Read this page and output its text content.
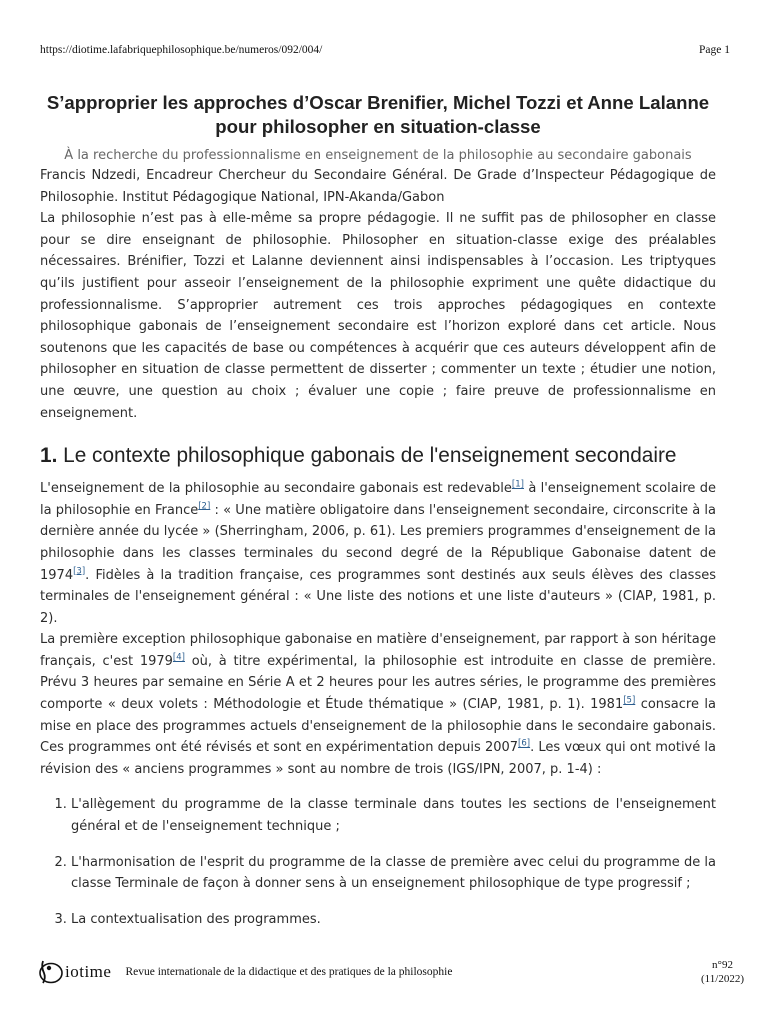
https://diotime.lafabriquephilosophique.be/numeros/092/004/	Page 1
S’approprier les approches d’Oscar Brenifier, Michel Tozzi et Anne Lalanne pour philosopher en situation-classe

À la recherche du professionnalisme en enseignement de la philosophie au secondaire gabonais

Francis Ndzedi, Encadreur Chercheur du Secondaire Général. De Grade d’Inspecteur Pédagogique de Philosophie. Institut Pédagogique National, IPN-Akanda/Gabon

La philosophie n’est pas à elle-même sa propre pédagogie. Il ne suffit pas de philosopher en classe pour se dire enseignant de philosophie. Philosopher en situation-classe exige des préalables nécessaires. Brénifier, Tozzi et Lalanne deviennent ainsi indispensables à l’occasion. Les triptyques qu’ils justifient pour asseoir l’enseignement de la philosophie expriment une quête didactique du professionnalisme. S’approprier autrement ces trois approches pédagogiques en contexte philosophique gabonais de l’enseignement secondaire est l’horizon exploré dans cet article. Nous soutenons que les capacités de base ou compétences à acquérir que ces auteurs développent afin de philosopher en situation de classe permettent de disserter ; commenter un texte ; étudier une notion, une œuvre, une question au choix ; évaluer une copie ; faire preuve de professionnalisme en enseignement.

1. Le contexte philosophique gabonais de l'enseignement secondaire

L'enseignement de la philosophie au secondaire gabonais est redevable[1] à l'enseignement scolaire de la philosophie en France[2] : « Une matière obligatoire dans l'enseignement secondaire, circonscrite à la dernière année du lycée » (Sherringham, 2006, p. 61). Les premiers programmes d'enseignement de la philosophie dans les classes terminales du second degré de la République Gabonaise datent de 1974[3]. Fidèles à la tradition française, ces programmes sont destinés aux seuls élèves des classes terminales de l'enseignement général : « Une liste des notions et une liste d'auteurs » (CIAP, 1981, p. 2).

La première exception philosophique gabonaise en matière d'enseignement, par rapport à son héritage français, c'est 1979[4] où, à titre expérimental, la philosophie est introduite en classe de première. Prévu 3 heures par semaine en Série A et 2 heures pour les autres séries, le programme des premières comporte « deux volets : Méthodologie et Étude thématique » (CIAP, 1981, p. 1). 1981[5] consacre la mise en place des programmes actuels d'enseignement de la philosophie dans le secondaire gabonais. Ces programmes ont été révisés et sont en expérimentation depuis 2007[6]. Les vœux qui ont motivé la révision des « anciens programmes » sont au nombre de trois (IGS/IPN, 2007, p. 1-4) :

1. L'allègement du programme de la classe terminale dans toutes les sections de l'enseignement général et de l'enseignement technique ;
2. L'harmonisation de l'esprit du programme de la classe de première avec celui du programme de la classe Terminale de façon à donner sens à un enseignement philosophique de type progressif ;
3. La contextualisation des programmes.
iotime Revue internationale de la didactique et des pratiques de la philosophie
n°92
(11/2022)
